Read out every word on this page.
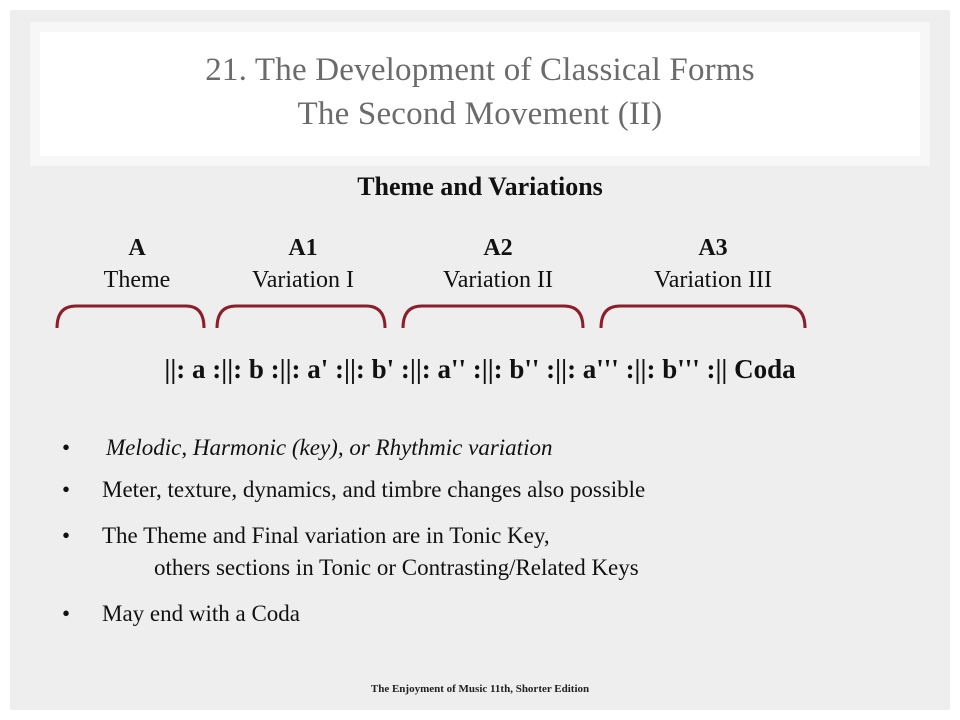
21. The Development of Classical Forms
The Second Movement (II)
Theme and Variations
A
Theme
A1
Variation I
A2
Variation II
A3
Variation III
||: a :||: b :||: a' :||: b' :||: a'' :||: b'' :||: a''' :||: b''' :|| Coda
• Melodic, Harmonic (key), or Rhythmic variation
• Meter, texture, dynamics, and timbre changes also possible
• The Theme and Final variation are in Tonic Key,
others sections in Tonic or Contrasting/Related Keys
• May end with a Coda
The Enjoyment of Music 11th, Shorter Edition
